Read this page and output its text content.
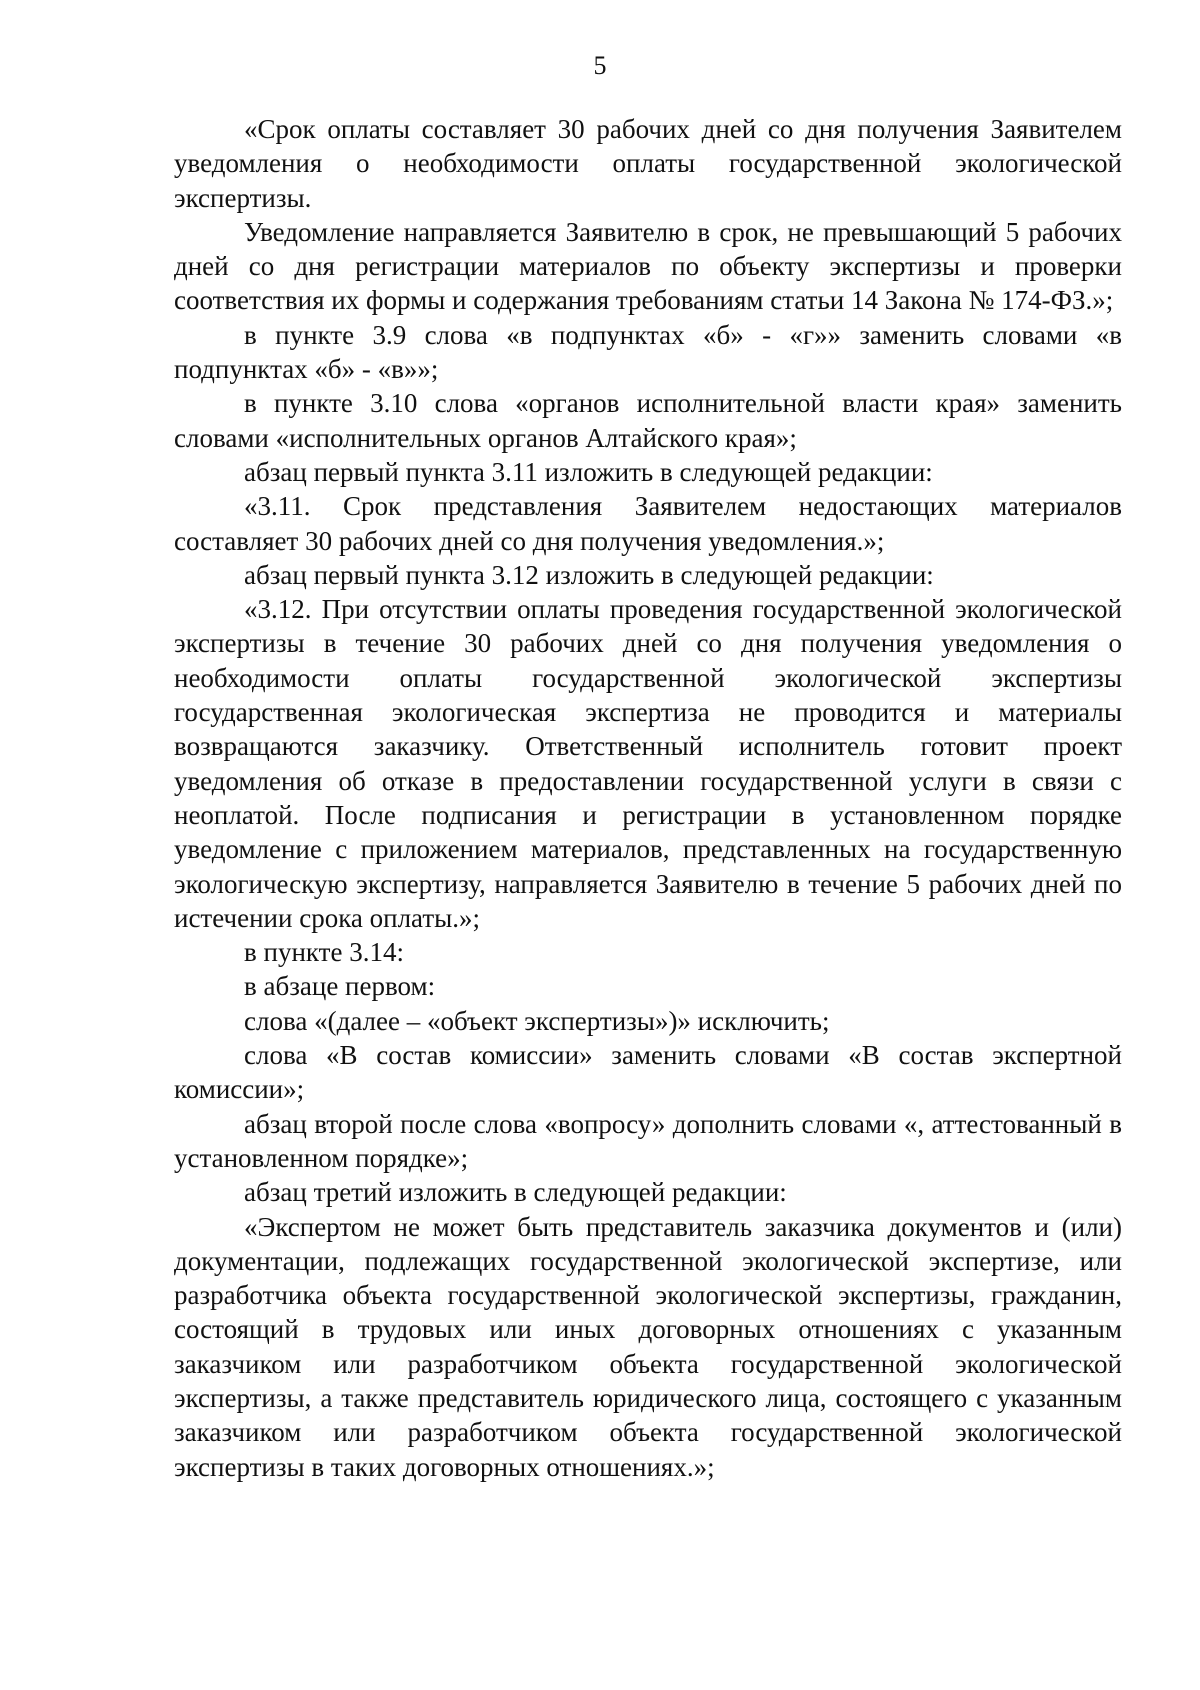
5

«Срок оплаты составляет 30 рабочих дней со дня получения Заявителем уведомления о необходимости оплаты государственной экологической экспертизы.

Уведомление направляется Заявителю в срок, не превышающий 5 рабочих дней со дня регистрации материалов по объекту экспертизы и проверки соответствия их формы и содержания требованиям статьи 14 Закона № 174-ФЗ.»;

в пункте 3.9 слова «в подпунктах «б» - «г»» заменить словами «в подпунктах «б» - «в»»;

в пункте 3.10 слова «органов исполнительной власти края» заменить словами «исполнительных органов Алтайского края»;

абзац первый пункта 3.11 изложить в следующей редакции:

«3.11. Срок представления Заявителем недостающих материалов составляет 30 рабочих дней со дня получения уведомления.»;

абзац первый пункта 3.12 изложить в следующей редакции:

«3.12. При отсутствии оплаты проведения государственной экологической экспертизы в течение 30 рабочих дней со дня получения уведомления о необходимости оплаты государственной экологической экспертизы государственная экологическая экспертиза не проводится и материалы возвращаются заказчику. Ответственный исполнитель готовит проект уведомления об отказе в предоставлении государственной услуги в связи с неоплатой. После подписания и регистрации в установленном порядке уведомление с приложением материалов, представленных на государственную экологическую экспертизу, направляется Заявителю в течение 5 рабочих дней по истечении срока оплаты.»;

в пункте 3.14:

в абзаце первом:

слова «(далее – «объект экспертизы»)» исключить;

слова «В состав комиссии» заменить словами «В состав экспертной комиссии»;

абзац второй после слова «вопросу» дополнить словами «, аттестованный в установленном порядке»;

абзац третий изложить в следующей редакции:

«Экспертом не может быть представитель заказчика документов и (или) документации, подлежащих государственной экологической экспертизе, или разработчика объекта государственной экологической экспертизы, гражданин, состоящий в трудовых или иных договорных отношениях с указанным заказчиком или разработчиком объекта государственной экологической экспертизы, а также представитель юридического лица, состоящего с указанным заказчиком или разработчиком объекта государственной экологической экспертизы в таких договорных отношениях.»;
